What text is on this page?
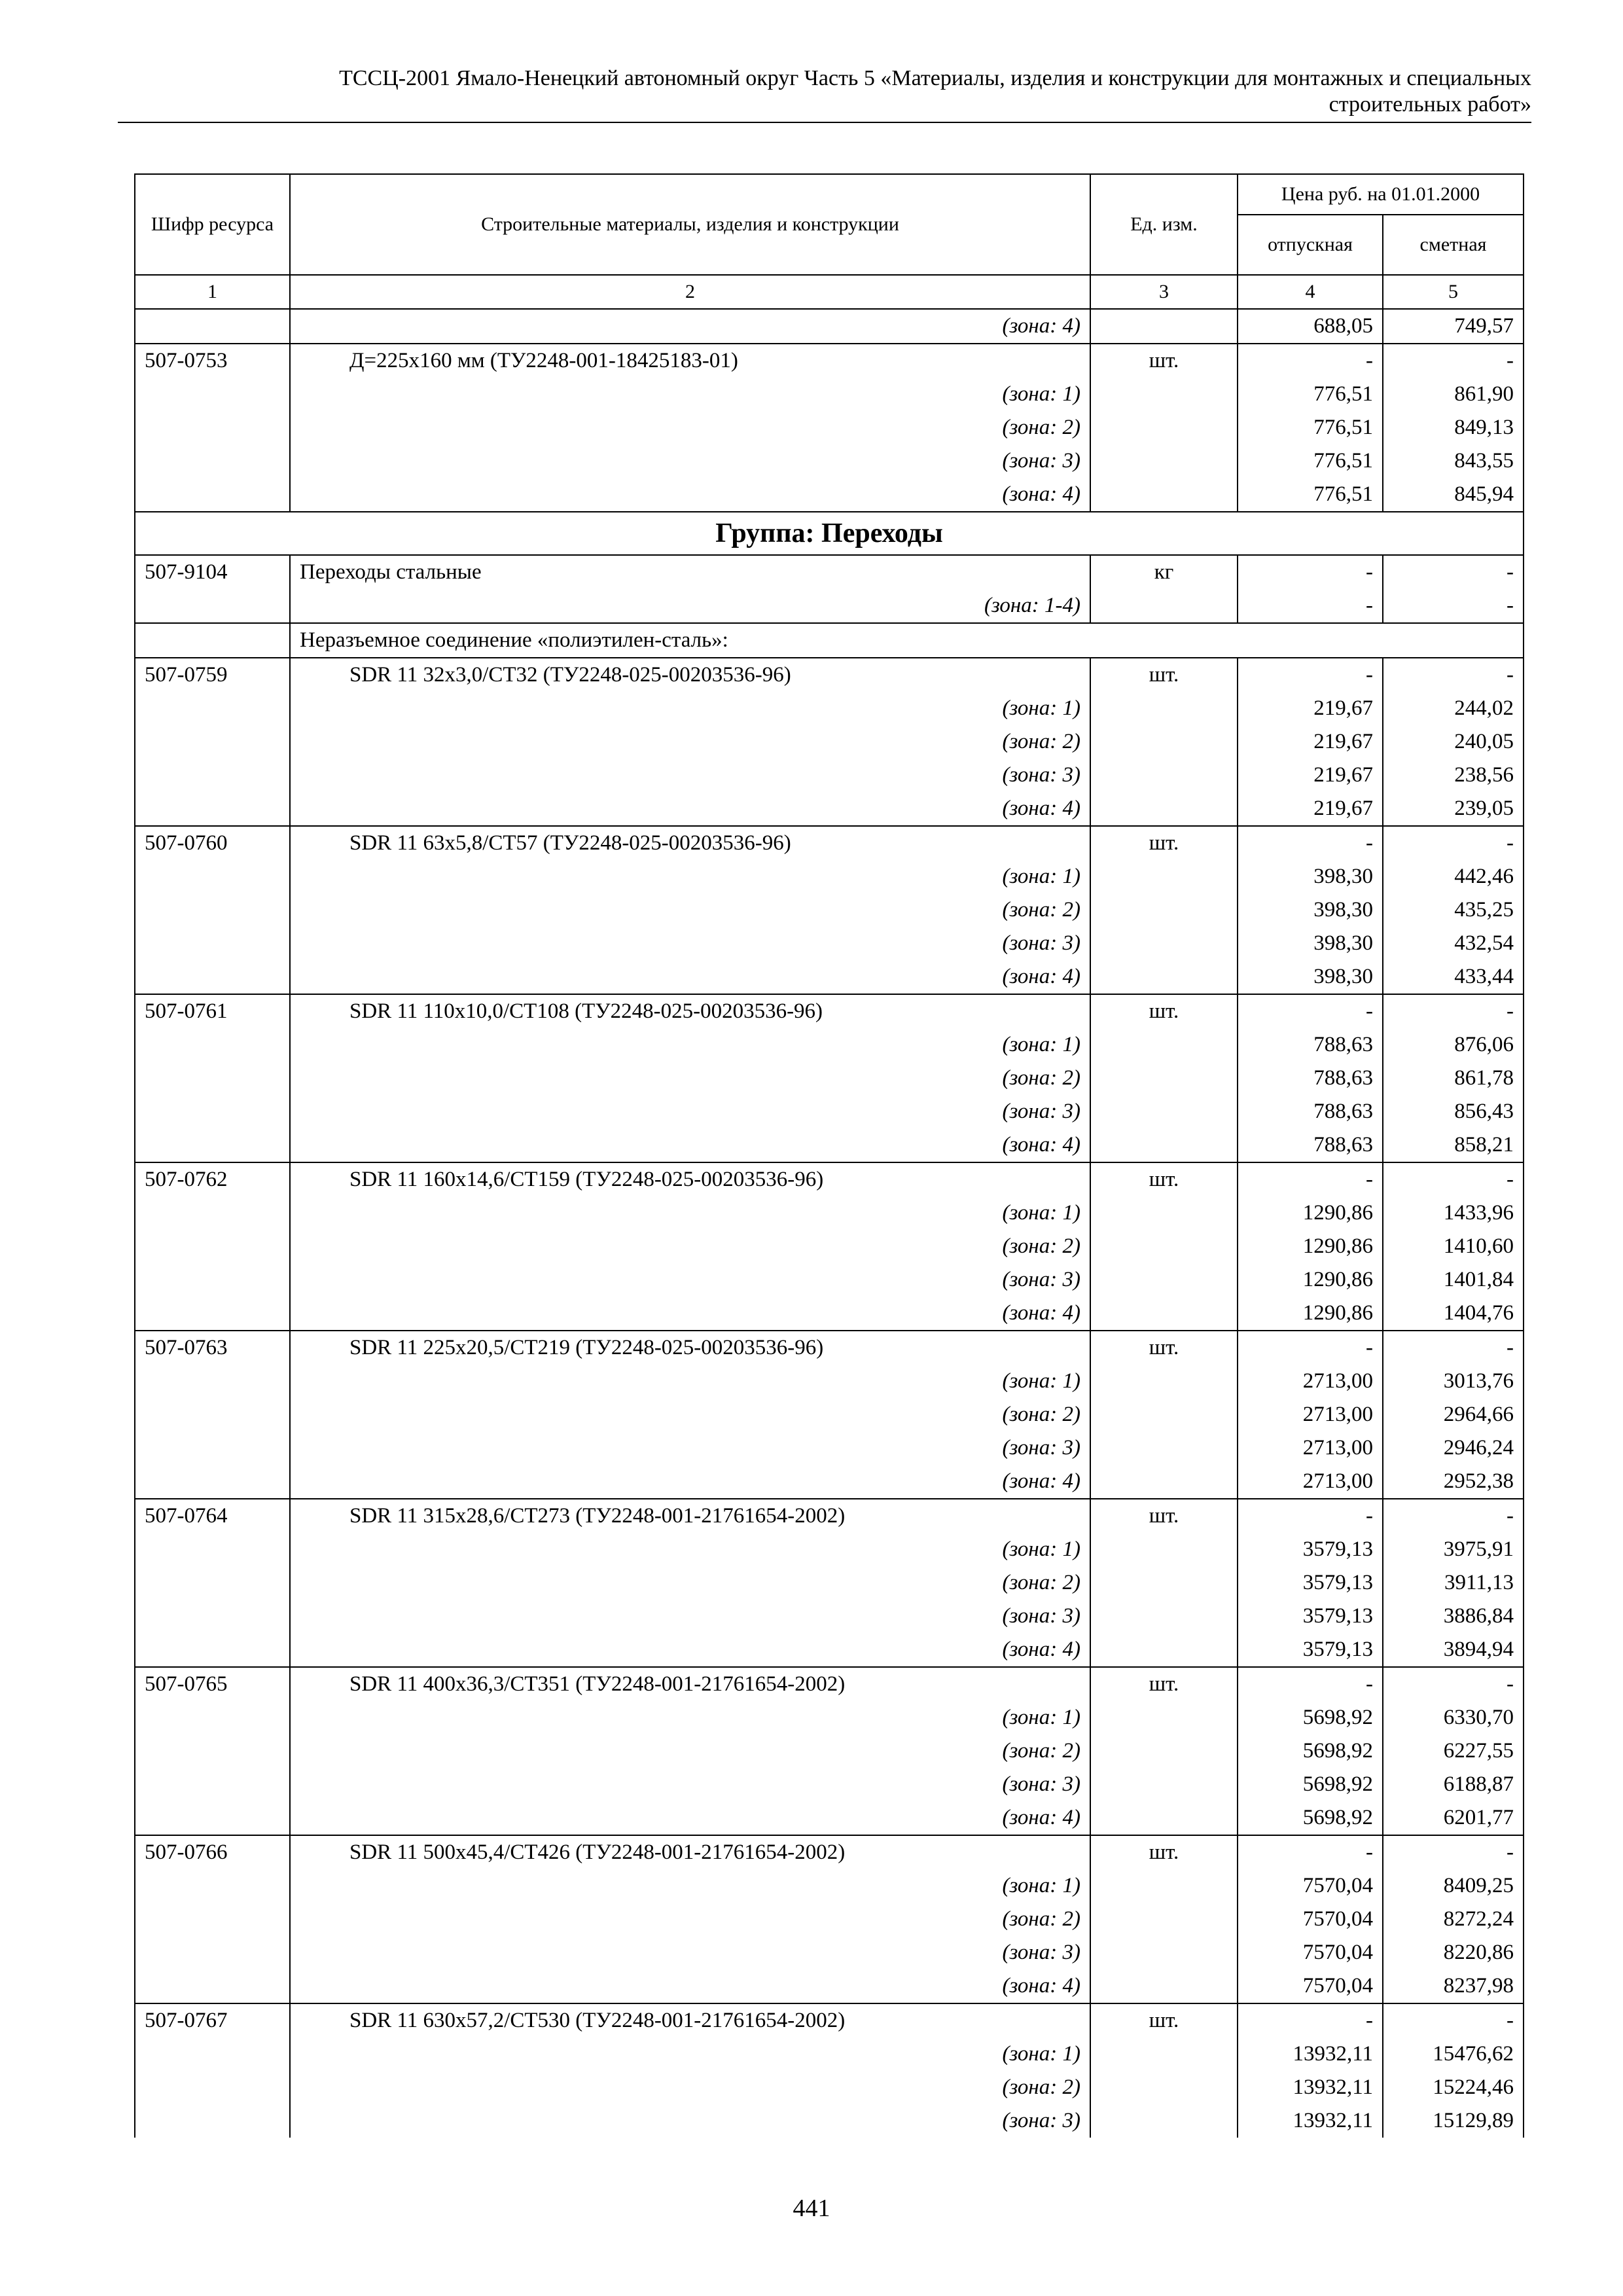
ТССЦ-2001 Ямало-Ненецкий автономный округ Часть 5 «Материалы, изделия и конструкции для монтажных и специальных
строительных работ»
Шифр ресурса	Строительные материалы, изделия и конструкции	Ед. изм.	Цена руб. на 01.01.2000	
			отпускная	сметная
1	2	3	4	5
	(зона: 4)		688,05	749,57
507-0753	Д=225х160 мм (ТУ2248-001-18425183-01)	шт.	-	-
	(зона: 1)		776,51	861,90
	(зона: 2)		776,51	849,13
	(зона: 3)		776,51	843,55
	(зона: 4)		776,51	845,94
Группа: Переходы				
507-9104	Переходы стальные	кг	-	-
	(зона: 1-4)		-	-
	Неразъемное соединение «полиэтилен-сталь»:			
507-0759	SDR 11 32х3,0/СТ32 (ТУ2248-025-00203536-96)	шт.	-	-
	(зона: 1)		219,67	244,02
	(зона: 2)		219,67	240,05
	(зона: 3)		219,67	238,56
	(зона: 4)		219,67	239,05
507-0760	SDR 11 63х5,8/СТ57 (ТУ2248-025-00203536-96)	шт.	-	-
	(зона: 1)		398,30	442,46
	(зона: 2)		398,30	435,25
	(зона: 3)		398,30	432,54
	(зона: 4)		398,30	433,44
507-0761	SDR 11 110х10,0/СТ108 (ТУ2248-025-00203536-96)	шт.	-	-
	(зона: 1)		788,63	876,06
	(зона: 2)		788,63	861,78
	(зона: 3)		788,63	856,43
	(зона: 4)		788,63	858,21
507-0762	SDR 11 160х14,6/СТ159 (ТУ2248-025-00203536-96)	шт.	-	-
	(зона: 1)		1290,86	1433,96
	(зона: 2)		1290,86	1410,60
	(зона: 3)		1290,86	1401,84
	(зона: 4)		1290,86	1404,76
507-0763	SDR 11 225х20,5/СТ219 (ТУ2248-025-00203536-96)	шт.	-	-
	(зона: 1)		2713,00	3013,76
	(зона: 2)		2713,00	2964,66
	(зона: 3)		2713,00	2946,24
	(зона: 4)		2713,00	2952,38
507-0764	SDR 11 315х28,6/СТ273 (ТУ2248-001-21761654-2002)	шт.	-	-
	(зона: 1)		3579,13	3975,91
	(зона: 2)		3579,13	3911,13
	(зона: 3)		3579,13	3886,84
	(зона: 4)		3579,13	3894,94
507-0765	SDR 11 400х36,3/СТ351 (ТУ2248-001-21761654-2002)	шт.	-	-
	(зона: 1)		5698,92	6330,70
	(зона: 2)		5698,92	6227,55
	(зона: 3)		5698,92	6188,87
	(зона: 4)		5698,92	6201,77
507-0766	SDR 11 500х45,4/СТ426 (ТУ2248-001-21761654-2002)	шт.	-	-
	(зона: 1)		7570,04	8409,25
	(зона: 2)		7570,04	8272,24
	(зона: 3)		7570,04	8220,86
	(зона: 4)		7570,04	8237,98
507-0767	SDR 11 630х57,2/СТ530 (ТУ2248-001-21761654-2002)	шт.	-	-
	(зона: 1)		13932,11	15476,62
	(зона: 2)		13932,11	15224,46
	(зона: 3)		13932,11	15129,89
441
